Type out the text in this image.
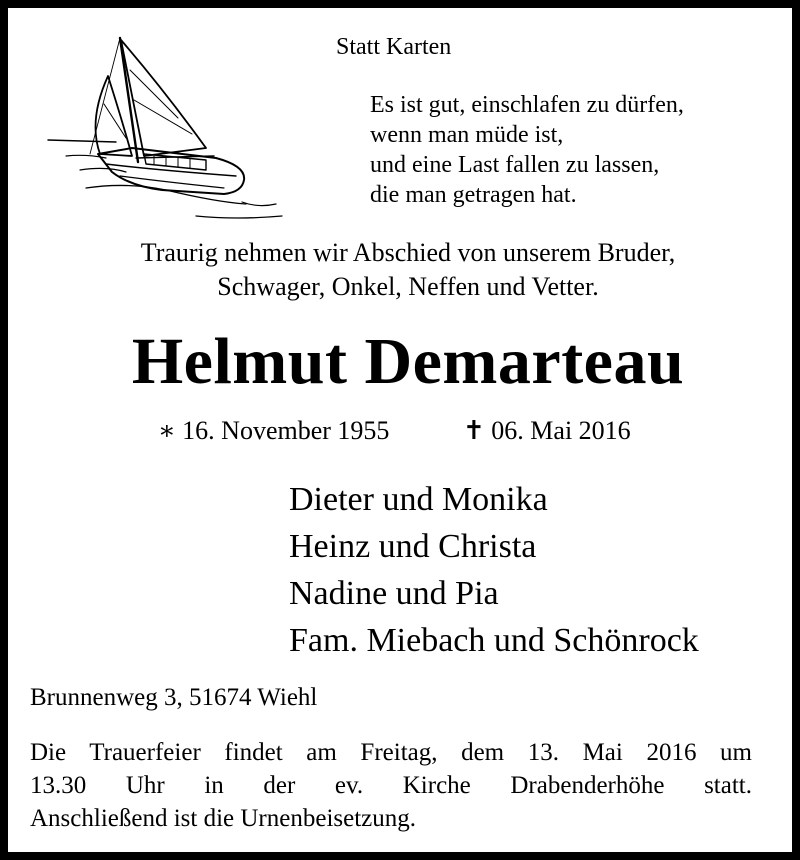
Statt Karten
Es ist gut, einschlafen zu dürfen,
wenn man müde ist,
und eine Last fallen zu lassen,
die man getragen hat.
Traurig nehmen wir Abschied von unserem Bruder,
Schwager, Onkel, Neffen und Vetter.
Helmut Demarteau
∗ 16. November 1955	✝ 06. Mai 2016
Dieter und Monika
Heinz und Christa
Nadine und Pia
Fam. Miebach und Schönrock
Brunnenweg 3, 51674 Wiehl
Die Trauerfeier findet am Freitag, dem 13. Mai 2016 um
13.30 Uhr in der ev. Kirche Drabenderhöhe statt.
Anschließend ist die Urnenbeisetzung.
